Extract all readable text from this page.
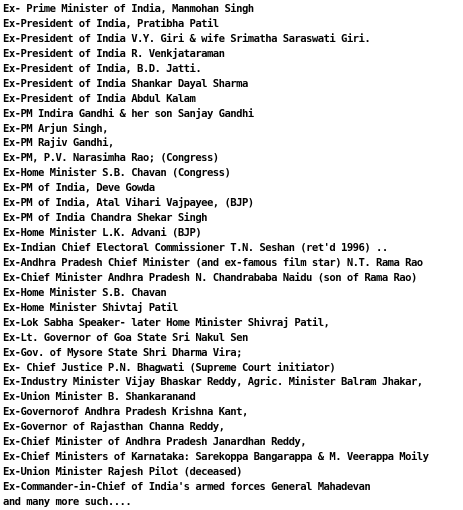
Ex- Prime Minister of India, Manmohan Singh
Ex-President of India, Pratibha Patil
Ex-President of India V.Y. Giri & wife Srimatha Saraswati Giri.
Ex-President of India R. Venkjataraman
Ex-President of India, B.D. Jatti.
Ex-President of India Shankar Dayal Sharma
Ex-President of India Abdul Kalam
Ex-PM Indira Gandhi & her son Sanjay Gandhi
Ex-PM Arjun Singh,
Ex-PM Rajiv Gandhi,
Ex-PM, P.V. Narasimha Rao; (Congress)
Ex-Home Minister S.B. Chavan (Congress)
Ex-PM of India, Deve Gowda
Ex-PM of India, Atal Vihari Vajpayee, (BJP)
Ex-PM of India Chandra Shekar Singh
Ex-Home Minister L.K. Advani (BJP)
Ex-Indian Chief Electoral Commissioner T.N. Seshan (ret'd 1996) ..
Ex-Andhra Pradesh Chief Minister (and ex-famous film star) N.T. Rama Rao
Ex-Chief Minister Andhra Pradesh N. Chandrababa Naidu (son of Rama Rao)
Ex-Home Minister S.B. Chavan
Ex-Home Minister Shivtaj Patil
Ex-Lok Sabha Speaker- later Home Minister Shivraj Patil,
Ex-Lt. Governor of Goa State Sri Nakul Sen
Ex-Gov. of Mysore State Shri Dharma Vira;
Ex- Chief Justice P.N. Bhagwati (Supreme Court initiator)
Ex-Industry Minister Vijay Bhaskar Reddy, Agric. Minister Balram Jhakar,
Ex-Union Minister B. Shankaranand
Ex-Governorof Andhra Pradesh Krishna Kant,
Ex-Governor of Rajasthan Channa Reddy,
Ex-Chief Minister of Andhra Pradesh Janardhan Reddy,
Ex-Chief Ministers of Karnataka: Sarekoppa Bangarappa & M. Veerappa Moily
Ex-Union Minister Rajesh Pilot (deceased)
Ex-Commander-in-Chief of India's armed forces General Mahadevan
and many more such....
